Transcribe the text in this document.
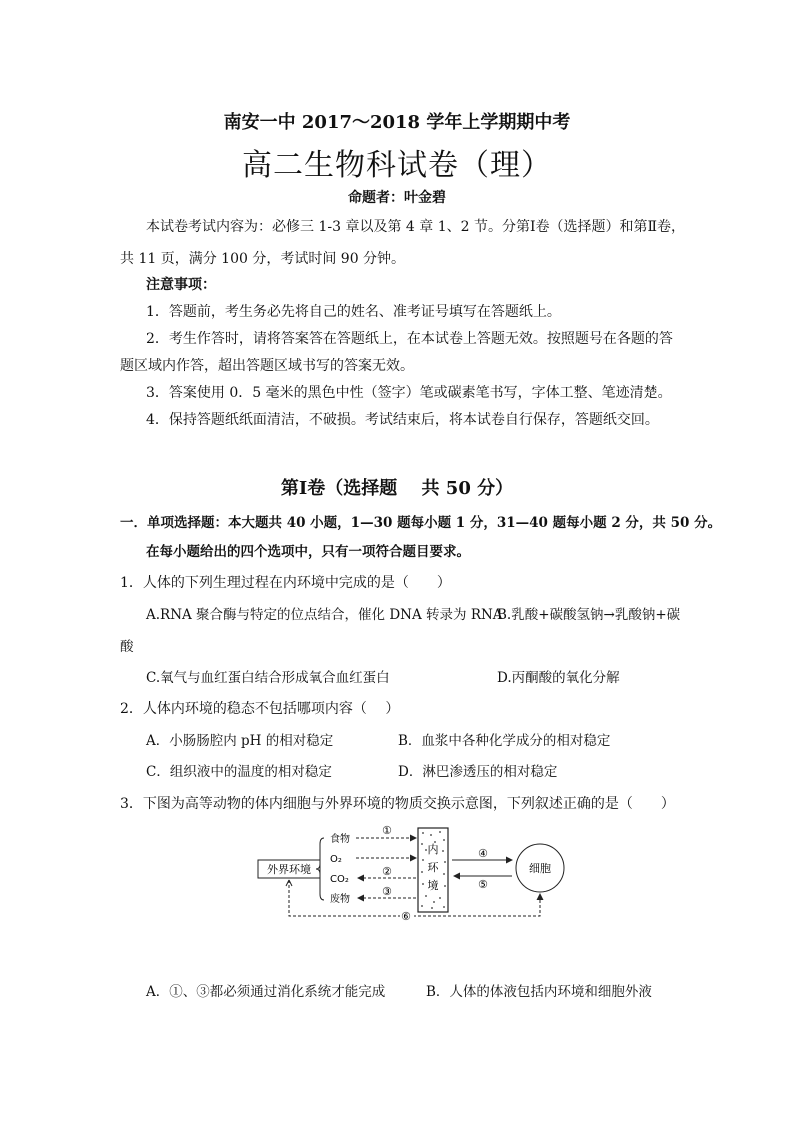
南安一中 2017～2018 学年上学期期中考
高二生物科试卷（理）
命题者：叶金碧
本试卷考试内容为：必修三 1-3 章以及第 4 章 1、2 节。分第Ⅰ卷（选择题）和第Ⅱ卷，
共 11 页，满分 100 分，考试时间 90 分钟。
注意事项：
1．答题前，考生务必先将自己的姓名、准考证号填写在答题纸上。
2．考生作答时，请将答案答在答题纸上，在本试卷上答题无效。按照题号在各题的答
题区域内作答，超出答题区域书写的答案无效。
3．答案使用 0．5 毫米的黑色中性（签字）笔或碳素笔书写，字体工整、笔迹清楚。
4．保持答题纸纸面清洁，不破损。考试结束后，将本试卷自行保存，答题纸交回。
第Ⅰ卷（选择题　 共 50 分）
一．单项选择题：本大题共 40 小题，1—30 题每小题 1 分，31—40 题每小题 2 分，共 50 分。
在每小题给出的四个选项中，只有一项符合题目要求。
1．人体的下列生理过程在内环境中完成的是（　　）
A.RNA 聚合酶与特定的位点结合，催化 DNA 转录为 RNA
B.乳酸+碳酸氢钠→乳酸钠+碳
酸
C.氧气与血红蛋白结合形成氧合血红蛋白	D.丙酮酸的氧化分解
2．人体内环境的稳态不包括哪项内容（　 ）
A．小肠肠腔内 pH 的相对稳定	B．血浆中各种化学成分的相对稳定
C．组织液中的温度的相对稳定	D．淋巴渗透压的相对稳定
3．下图为高等动物的体内细胞与外界环境的物质交换示意图，下列叙述正确的是（　　）
外界环境
食物
O₂
CO₂
废物
①
②
③
内
环
境
④
⑤
细胞
⑥
A．①、③都必须通过消化系统才能完成	B．人体的体液包括内环境和细胞外液
